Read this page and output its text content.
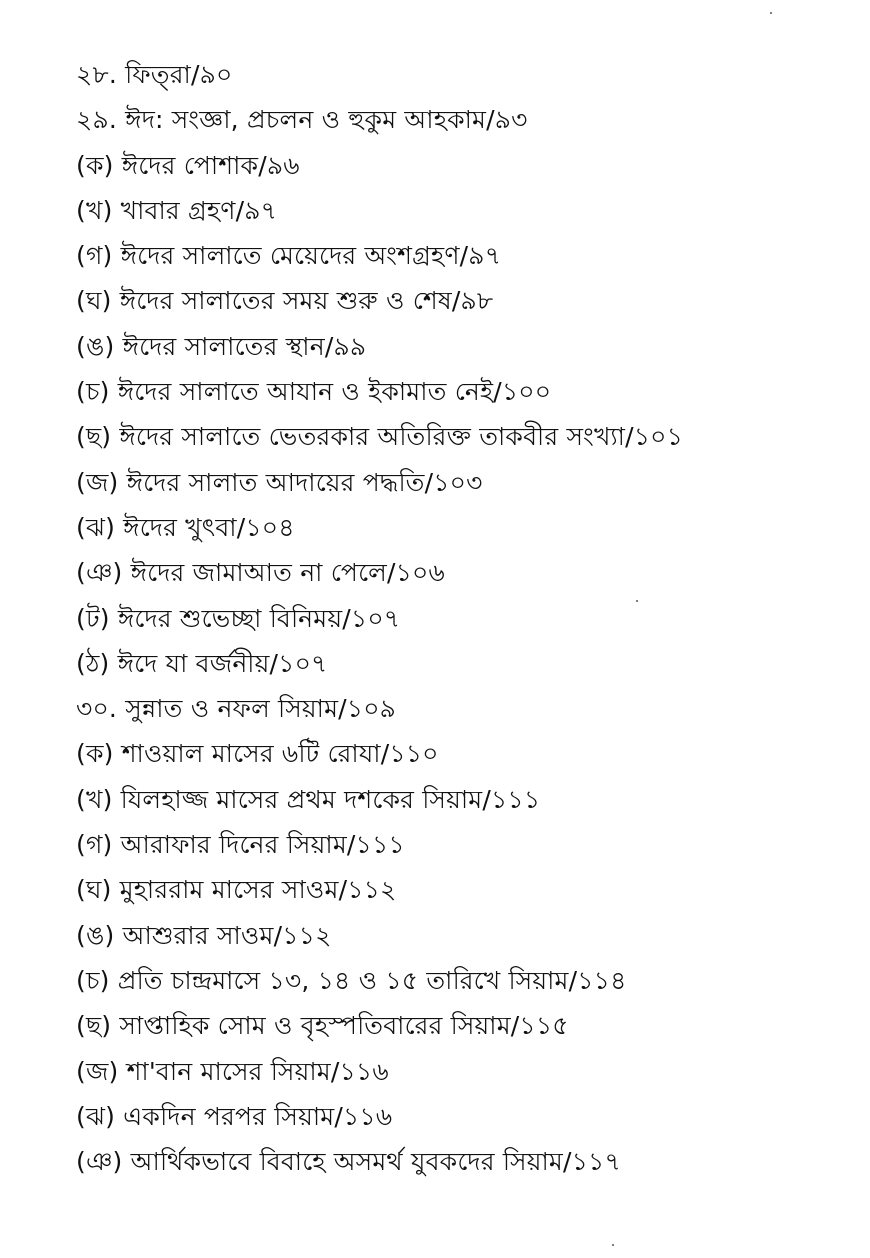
২৮. ফিত্‌রা/৯০
২৯. ঈদ: সংজ্ঞা, প্রচলন ও হুকুম আহকাম/৯৩
(ক) ঈদের পোশাক/৯৬
(খ) খাবার গ্রহণ/৯৭
(গ) ঈদের সালাতে মেয়েদের অংশগ্রহণ/৯৭
(ঘ) ঈদের সালাতের সময় শুরু ও শেষ/৯৮
(ঙ) ঈদের সালাতের স্থান/৯৯
(চ) ঈদের সালাতে আযান ও ইকামাত নেই/১০০
(ছ) ঈদের সালাতে ভেতরকার অতিরিক্ত তাকবীর সংখ্যা/১০১
(জ) ঈদের সালাত আদায়ের পদ্ধতি/১০৩
(ঝ) ঈদের খুৎবা/১০৪
(ঞ) ঈদের জামাআত না পেলে/১০৬
(ট) ঈদের শুভেচ্ছা বিনিময়/১০৭
(ঠ) ঈদে যা বর্জনীয়/১০৭
৩০. সুন্নাত ও নফল সিয়াম/১০৯
(ক) শাওয়াল মাসের ৬টি রোযা/১১০
(খ) যিলহাজ্জ মাসের প্রথম দশকের সিয়াম/১১১
(গ) আরাফার দিনের সিয়াম/১১১
(ঘ) মুহাররাম মাসের সাওম/১১২
(ঙ) আশুরার সাওম/১১২
(চ) প্রতি চান্দ্রমাসে ১৩, ১৪ ও ১৫ তারিখে সিয়াম/১১৪
(ছ) সাপ্তাহিক সোম ও বৃহস্পতিবারের সিয়াম/১১৫
(জ) শা'বান মাসের সিয়াম/১১৬
(ঝ) একদিন পরপর সিয়াম/১১৬
(ঞ) আর্থিকভাবে বিবাহে অসমর্থ যুবকদের সিয়াম/১১৭
